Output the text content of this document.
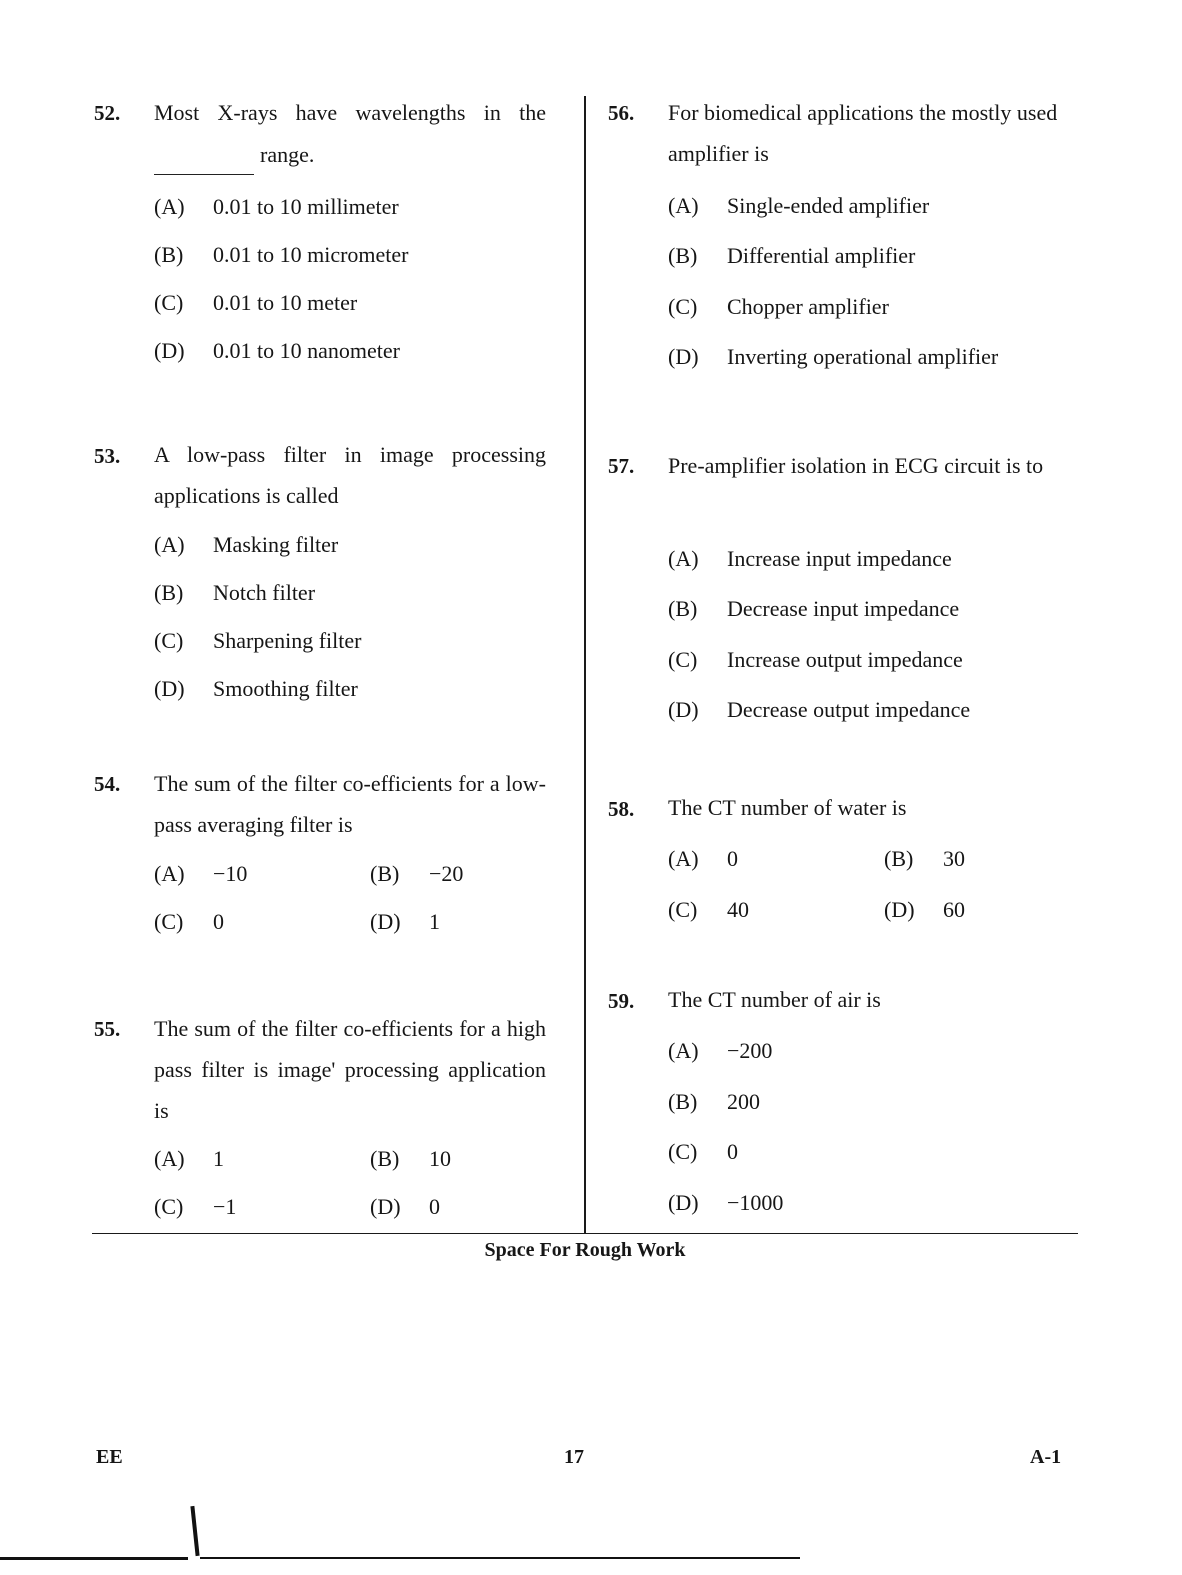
52. Most X-rays have wavelengths in the
range.
(A) 0.01 to 10 millimeter
(B) 0.01 to 10 micrometer
(C) 0.01 to 10 meter
(D) 0.01 to 10 nanometer
53. A low-pass filter in image processing applications is called
(A) Masking filter
(B) Notch filter
(C) Sharpening filter
(D) Smoothing filter
54. The sum of the filter co-efficients for a low-pass averaging filter is
(A) −10	(B) −20
(C) 0	(D) 1
55. The sum of the filter co-efficients for a high pass filter is image' processing application is
(A) 1	(B) 10
(C) −1	(D) 0
56. For biomedical applications the mostly used amplifier is
(A) Single-ended amplifier
(B) Differential amplifier
(C) Chopper amplifier
(D) Inverting operational amplifier
57. Pre-amplifier isolation in ECG circuit is to
(A) Increase input impedance
(B) Decrease input impedance
(C) Increase output impedance
(D) Decrease output impedance
58. The CT number of water is
(A) 0	(B) 30
(C) 40	(D) 60
59. The CT number of air is
(A) −200
(B) 200
(C) 0
(D) −1000
Space For Rough Work
EE	17	A-1
